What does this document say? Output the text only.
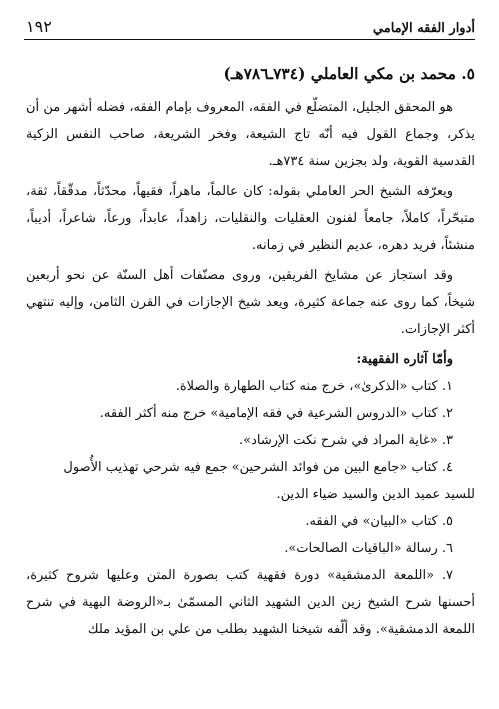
أدوار الفقه الإمامي
١٩٢
٥. محمد بن مكي العاملي (٧٣٤ـ٧٨٦هـ)

هو المحقق الجليل، المتضلّع في الفقه، المعروف بإمام الفقه، فضله أشهر من أن يذكر، وجماع القول فيه أنّه تاج الشيعة، وفخر الشريعة، صاحب النفس الزكية القدسية القوية، ولد بجزين سنة ٧٣٤هـ.

ويعرّفه الشيخ الحر العاملي بقوله: كان عالماً، ماهراً، فقيهاً، محدّثاً، مدقّقاً، ثقة، متبحّراً، كاملاً، جامعاً لفنون العقليات والنقليات، زاهداً، عابداً، ورعاً، شاعراً، أديباً، منشئاً، فريد دهره، عديم النظير في زمانه.

وقد استجاز عن مشايخ الفريقين، وروى مصنّفات أهل السنّة عن نحو أربعين شيخاً، كما روى عنه جماعة كثيرة، ويعد شيخ الإجازات في القرن الثامن، وإليه تنتهي أكثر الإجازات.

وأمّا آثاره الفقهية:
١. كتاب «الذكرىٰ»، خرج منه كتاب الطهارة والصلاة.
٢. كتاب «الدروس الشرعية في فقه الإمامية» خرج منه أكثر الفقه.
٣. «غاية المراد في شرح نكت الإرشاد».
٤. كتاب «جامع البين من فوائد الشرحين» جمع فيه شرحي تهذيب الأُصول
للسيد عميد الدين والسيد ضياء الدين.
٥. كتاب «البيان» في الفقه.
٦. رسالة «الباقيات الصالحات».
٧. «اللمعة الدمشقية» دورة فقهية كتب بصورة المتن وعليها شروح كثيرة، أحسنها شرح الشيخ زين الدين الشهيد الثاني المسمّىٰ بـ«الروضة البهية في شرح اللمعة الدمشقية». وقد ألّفه شيخنا الشهيد بطلب من علي بن المؤيد ملك
